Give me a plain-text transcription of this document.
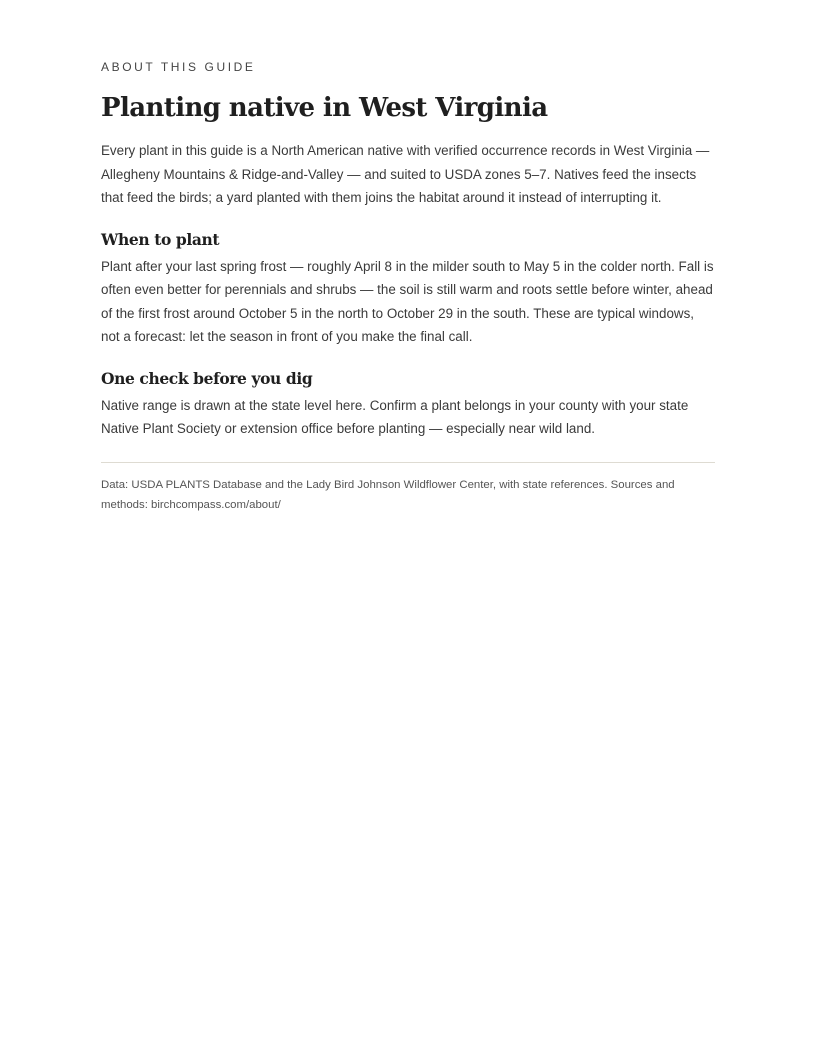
ABOUT THIS GUIDE

Planting native in West Virginia

Every plant in this guide is a North American native with verified occurrence records in West Virginia — Allegheny Mountains & Ridge-and-Valley — and suited to USDA zones 5–7. Natives feed the insects that feed the birds; a yard planted with them joins the habitat around it instead of interrupting it.

When to plant

Plant after your last spring frost — roughly April 8 in the milder south to May 5 in the colder north. Fall is often even better for perennials and shrubs — the soil is still warm and roots settle before winter, ahead of the first frost around October 5 in the north to October 29 in the south. These are typical windows, not a forecast: let the season in front of you make the final call.

One check before you dig

Native range is drawn at the state level here. Confirm a plant belongs in your county with your state Native Plant Society or extension office before planting — especially near wild land.

Data: USDA PLANTS Database and the Lady Bird Johnson Wildflower Center, with state references. Sources and methods: birchcompass.com/about/
